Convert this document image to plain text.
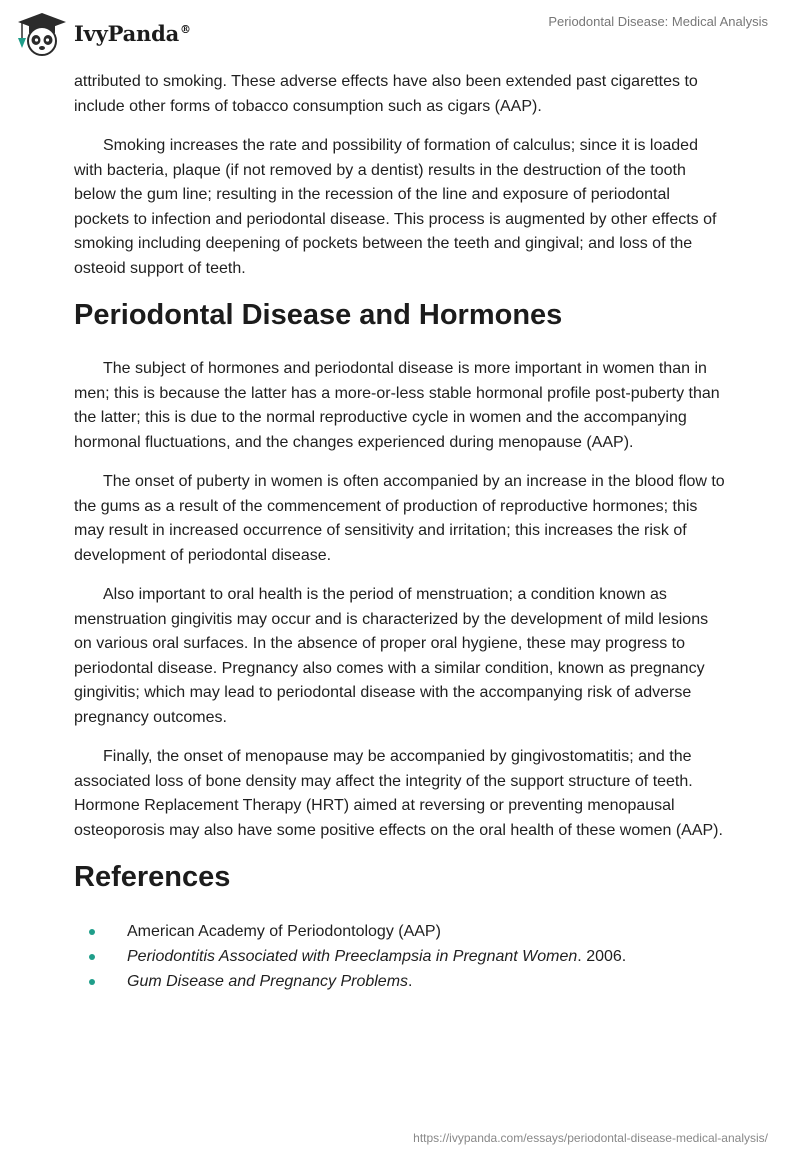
IvyPanda®	Periodontal Disease: Medical Analysis

attributed to smoking. These adverse effects have also been extended past cigarettes to include other forms of tobacco consumption such as cigars (AAP).

Smoking increases the rate and possibility of formation of calculus; since it is loaded with bacteria, plaque (if not removed by a dentist) results in the destruction of the tooth below the gum line; resulting in the recession of the line and exposure of periodontal pockets to infection and periodontal disease. This process is augmented by other effects of smoking including deepening of pockets between the teeth and gingival; and loss of the osteoid support of teeth.

Periodontal Disease and Hormones

The subject of hormones and periodontal disease is more important in women than in men; this is because the latter has a more-or-less stable hormonal profile post-puberty than the latter; this is due to the normal reproductive cycle in women and the accompanying hormonal fluctuations, and the changes experienced during menopause (AAP).

The onset of puberty in women is often accompanied by an increase in the blood flow to the gums as a result of the commencement of production of reproductive hormones; this may result in increased occurrence of sensitivity and irritation; this increases the risk of development of periodontal disease.

Also important to oral health is the period of menstruation; a condition known as menstruation gingivitis may occur and is characterized by the development of mild lesions on various oral surfaces. In the absence of proper oral hygiene, these may progress to periodontal disease. Pregnancy also comes with a similar condition, known as pregnancy gingivitis; which may lead to periodontal disease with the accompanying risk of adverse pregnancy outcomes.

Finally, the onset of menopause may be accompanied by gingivostomatitis; and the associated loss of bone density may affect the integrity of the support structure of teeth. Hormone Replacement Therapy (HRT) aimed at reversing or preventing menopausal osteoporosis may also have some positive effects on the oral health of these women (AAP).

References
American Academy of Periodontology (AAP)
Periodontitis Associated with Preeclampsia in Pregnant Women. 2006.
Gum Disease and Pregnancy Problems.
https://ivypanda.com/essays/periodontal-disease-medical-analysis/
